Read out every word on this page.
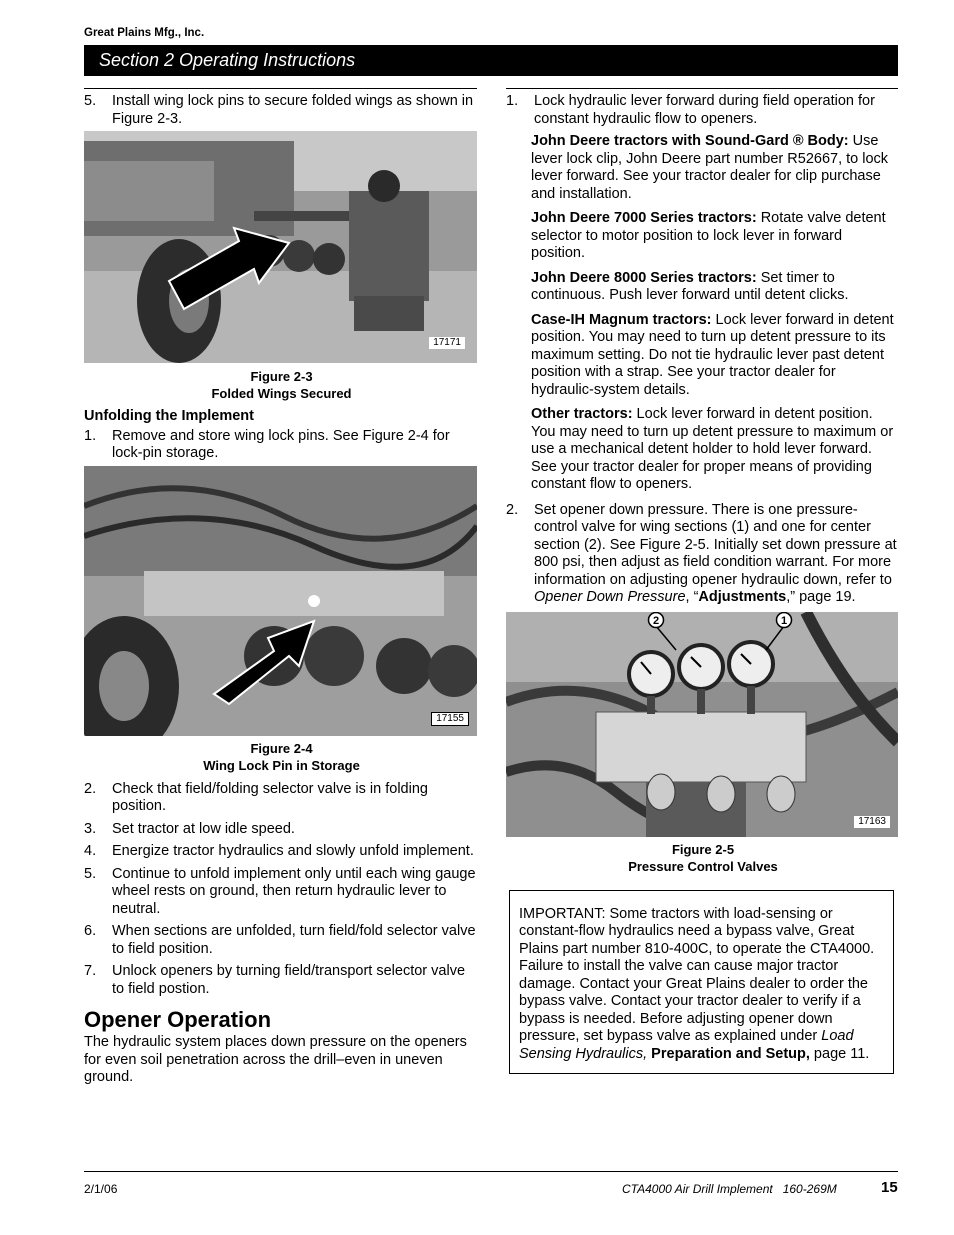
Great Plains Mfg., Inc.
Section 2 Operating Instructions
5. Install wing lock pins to secure folded wings as shown in Figure 2-3.
17171
Figure 2-3
Folded Wings Secured
Unfolding the Implement
1. Remove and store wing lock pins. See Figure 2-4 for lock-pin storage.
17155
Figure 2-4
Wing Lock Pin in Storage
2. Check that field/folding selector valve is in folding position.
3. Set tractor at low idle speed.
4. Energize tractor hydraulics and slowly unfold implement.
5. Continue to unfold implement only until each wing gauge wheel rests on ground, then return hydraulic lever to neutral.
6. When sections are unfolded, turn field/fold selector valve to field position.
7. Unlock openers by turning field/transport selector valve to field postion.
Opener Operation
The hydraulic system places down pressure on the openers for even soil penetration across the drill–even in uneven ground.
1. Lock hydraulic lever forward during field operation for constant hydraulic flow to openers.
John Deere tractors with Sound-Gard ® Body: Use lever lock clip, John Deere part number R52667, to lock lever forward. See your tractor dealer for clip purchase and installation.
John Deere 7000 Series tractors: Rotate valve detent selector to motor position to lock lever in forward position.
John Deere 8000 Series tractors: Set timer to continuous. Push lever forward until detent clicks.
Case-IH Magnum tractors: Lock lever forward in detent position. You may need to turn up detent pressure to its maximum setting. Do not tie hydraulic lever past detent position with a strap. See your tractor dealer for hydraulic-system details.
Other tractors: Lock lever forward in detent position. You may need to turn up detent pressure to maximum or use a mechanical detent holder to hold lever forward. See your tractor dealer for proper means of providing constant flow to openers.
2. Set opener down pressure. There is one pressure-control valve for wing sections (1) and one for center section (2). See Figure 2-5. Initially set down pressure at 800 psi, then adjust as field condition warrant. For more information on adjusting opener hydraulic down, refer to Opener Down Pressure, “Adjustments,” page 19.
2	1
17163
Figure 2-5
Pressure Control Valves
IMPORTANT: Some tractors with load-sensing or constant-flow hydraulics need a bypass valve, Great Plains part number 810-400C, to operate the CTA4000. Failure to install the valve can cause major tractor damage. Contact your Great Plains dealer to order the bypass valve. Contact your tractor dealer to verify if a bypass is needed. Before adjusting opener down pressure, set bypass valve as explained under Load Sensing Hydraulics, Preparation and Setup, page 11.
2/1/06	CTA4000 Air Drill Implement   160-269M	15
